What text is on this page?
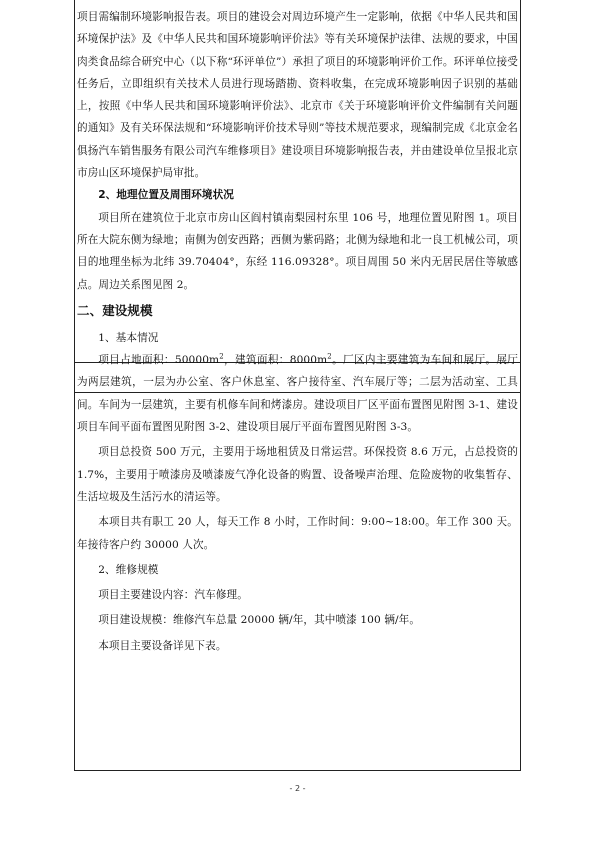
项目需编制环境影响报告表。项目的建设会对周边环境产生一定影响，依据《中华人民共和国环境保护法》及《中华人民共和国环境影响评价法》等有关环境保护法律、法规的要求，中国肉类食品综合研究中心（以下称“环评单位”）承担了项目的环境影响评价工作。环评单位接受任务后，立即组织有关技术人员进行现场踏勘、资料收集，在完成环境影响因子识别的基础上，按照《中华人民共和国环境影响评价法》、北京市《关于环境影响评价文件编制有关问题的通知》及有关环保法规和“环境影响评价技术导则”等技术规范要求，现编制完成《北京金名俱扬汽车销售服务有限公司汽车维修项目》建设项目环境影响报告表，并由建设单位呈报北京市房山区环境保护局审批。

2、地理位置及周围环境状况

项目所在建筑位于北京市房山区阎村镇南梨园村东里 106 号，地理位置见附图 1。项目所在大院东侧为绿地；南侧为创安西路；西侧为紫码路；北侧为绿地和北一良工机械公司，项目的地理坐标为北纬 39.70404°，东经 116.09328°。项目周围 50 米内无居民居住等敏感点。周边关系图见图 2。

二、建设规模

1、基本情况

项目占地面积：$50000m^2$，建筑面积：$8000m^2$。厂区内主要建筑为车间和展厅。展厅为两层建筑，一层为办公室、客户休息室、客户接待室、汽车展厅等；二层为活动室、工具间。车间为一层建筑，主要有机修车间和烤漆房。建设项目厂区平面布置图见附图 3-1、建设项目车间平面布置图见附图 3-2、建设项目展厅平面布置图见附图 3-3。

项目总投资 500 万元，主要用于场地租赁及日常运营。环保投资 8.6 万元，占总投资的 1.7%，主要用于喷漆房及喷漆废气净化设备的购置、设备噪声治理、危险废物的收集暂存、生活垃圾及生活污水的清运等。

本项目共有职工 20 人，每天工作 8 小时，工作时间：9:00~18:00。年工作 300 天。年接待客户约 30000 人次。

2、维修规模

项目主要建设内容：汽车修理。

项目建设规模：维修汽车总量 20000 辆/年，其中喷漆 100 辆/年。

本项目主要设备详见下表。

- 2 -
